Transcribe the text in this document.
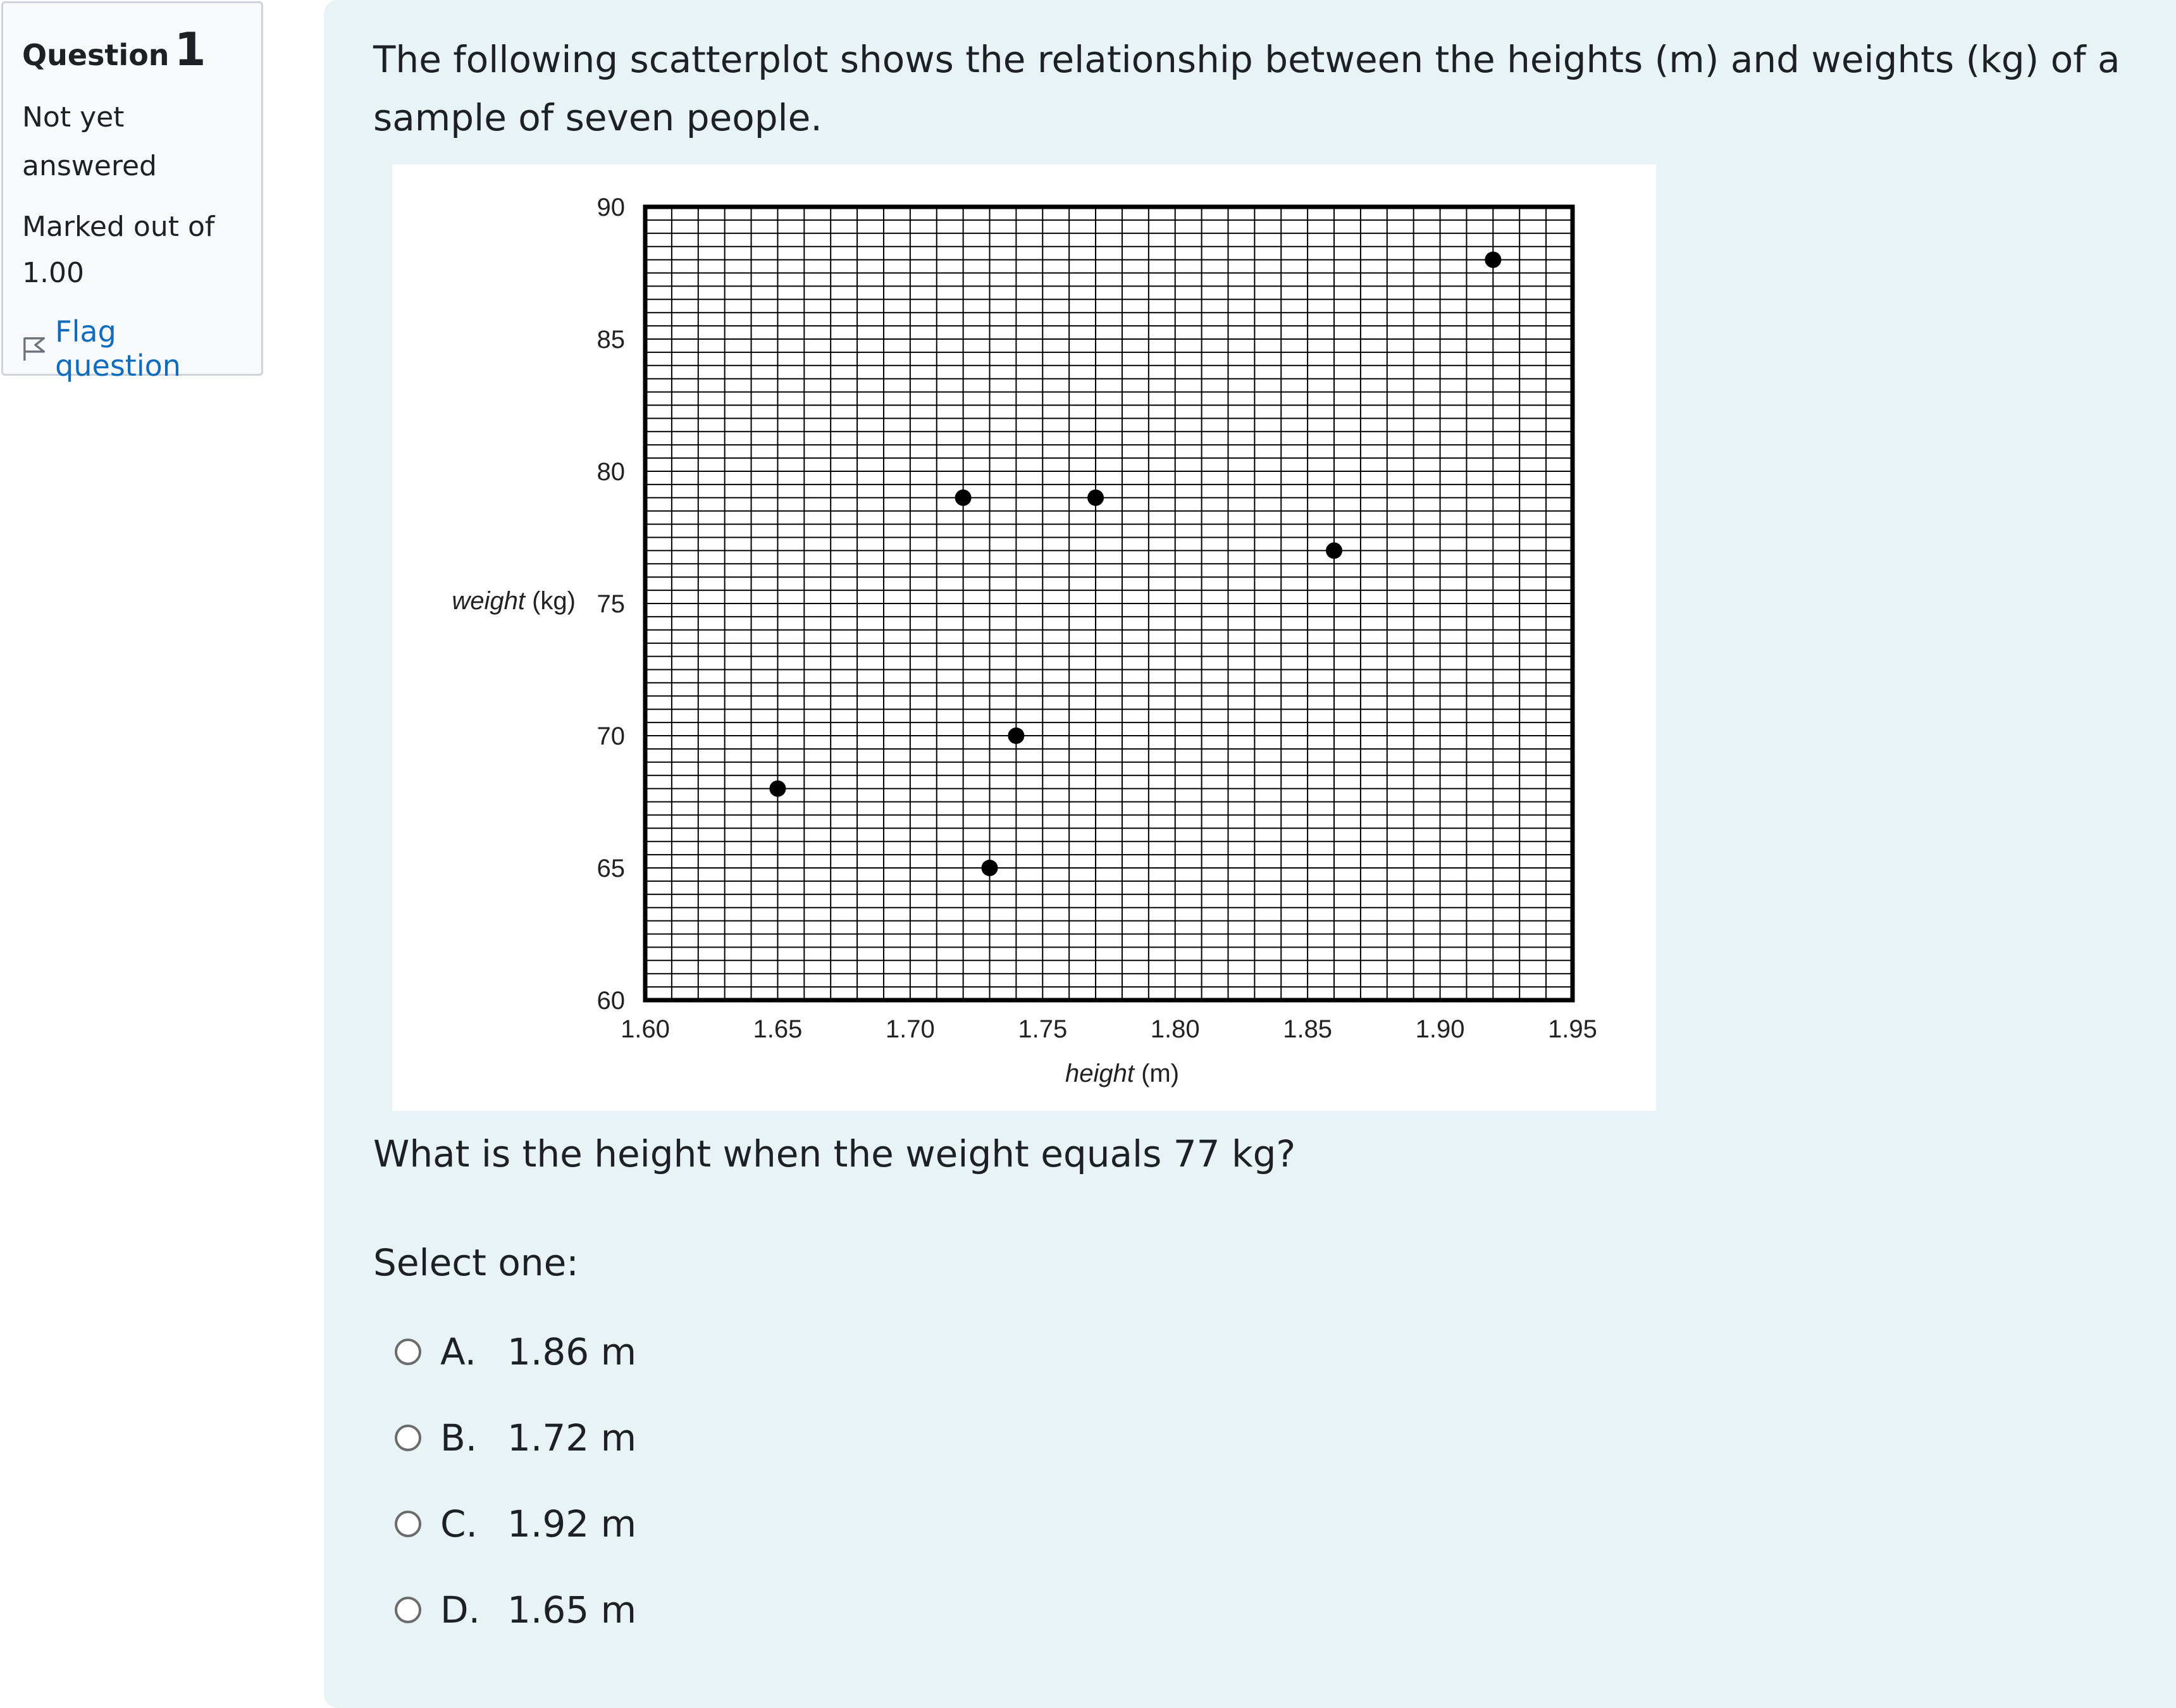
Question 1
Not yet answered
Marked out of 1.00
Flag question
The following scatterplot shows the relationship between the heights (m) and weights (kg) of a sample of seven people.
60
65
70
75
80
85
90
1.60	1.65	1.70	1.75	1.80	1.85	1.90	1.95
weight (kg)
height (m)
What is the height when the weight equals 77 kg?
Select one:
A. 1.86 m
B. 1.72 m
C. 1.92 m
D. 1.65 m
